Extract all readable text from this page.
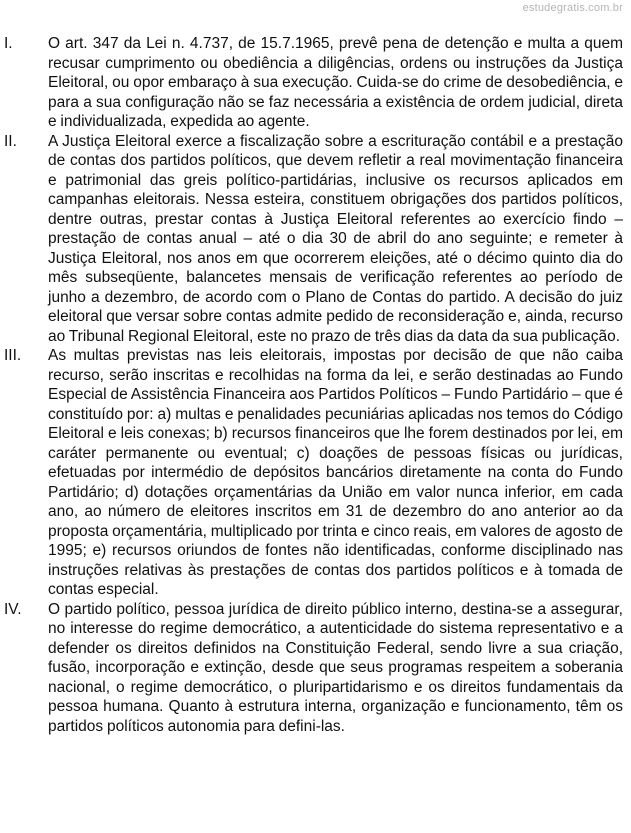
estudegratis.com.br
I.	O art. 347 da Lei n. 4.737, de 15.7.1965, prevê pena de detenção e multa a quem recusar cumprimento ou obediência a diligências, ordens ou instruções da Justiça Eleitoral, ou opor embaraço à sua execução. Cuida-se do crime de desobediência, e para a sua configuração não se faz necessária a existência de ordem judicial, direta e individualizada, expedida ao agente.
II.	A Justiça Eleitoral exerce a fiscalização sobre a escrituração contábil e a prestação de contas dos partidos políticos, que devem refletir a real movimentação financeira e patrimonial das greis político-partidárias, inclusive os recursos aplicados em campanhas eleitorais. Nessa esteira, constituem obrigações dos partidos políticos, dentre outras, prestar contas à Justiça Eleitoral referentes ao exercício findo – prestação de contas anual – até o dia 30 de abril do ano seguinte; e remeter à Justiça Eleitoral, nos anos em que ocorrerem eleições, até o décimo quinto dia do mês subseqüente, balancetes mensais de verificação referentes ao período de junho a dezembro, de acordo com o Plano de Contas do partido. A decisão do juiz eleitoral que versar sobre contas admite pedido de reconsideração e, ainda, recurso ao Tribunal Regional Eleitoral, este no prazo de três dias da data da sua publicação.
III.	As multas previstas nas leis eleitorais, impostas por decisão de que não caiba recurso, serão inscritas e recolhidas na forma da lei, e serão destinadas ao Fundo Especial de Assistência Financeira aos Partidos Políticos – Fundo Partidário – que é constituído por: a) multas e penalidades pecuniárias aplicadas nos temos do Código Eleitoral e leis conexas; b) recursos financeiros que lhe forem destinados por lei, em caráter permanente ou eventual; c) doações de pessoas físicas ou jurídicas, efetuadas por intermédio de depósitos bancários diretamente na conta do Fundo Partidário; d) dotações orçamentárias da União em valor nunca inferior, em cada ano, ao número de eleitores inscritos em 31 de dezembro do ano anterior ao da proposta orçamentária, multiplicado por trinta e cinco reais, em valores de agosto de 1995; e) recursos oriundos de fontes não identificadas, conforme disciplinado nas instruções relativas às prestações de contas dos partidos políticos e à tomada de contas especial.
IV.	O partido político, pessoa jurídica de direito público interno, destina-se a assegurar, no interesse do regime democrático, a autenticidade do sistema representativo e a defender os direitos definidos na Constituição Federal, sendo livre a sua criação, fusão, incorporação e extinção, desde que seus programas respeitem a soberania nacional, o regime democrático, o pluripartidarismo e os direitos fundamentais da pessoa humana. Quanto à estrutura interna, organização e funcionamento, têm os partidos políticos autonomia para defini-las.
